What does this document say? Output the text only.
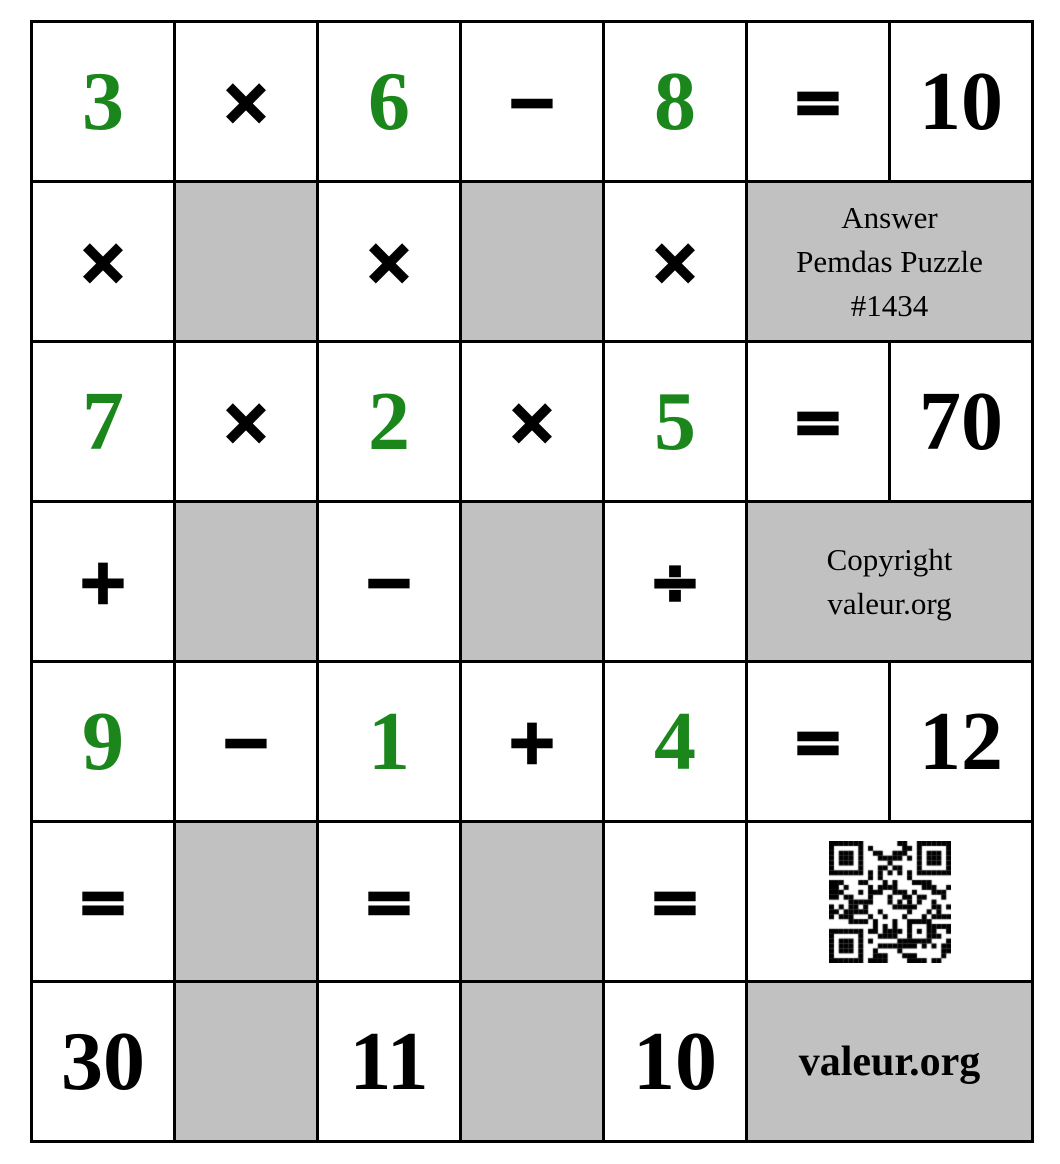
3	×	6	−	8	= 10
×	×	×
Answer
Pemdas Puzzle
#1434
7	×	2	×	5	= 70
+	−	÷	Copyright
valeur.org
9	−	1	+	4	= 12
=	=	=
30	11	10	valeur.org
